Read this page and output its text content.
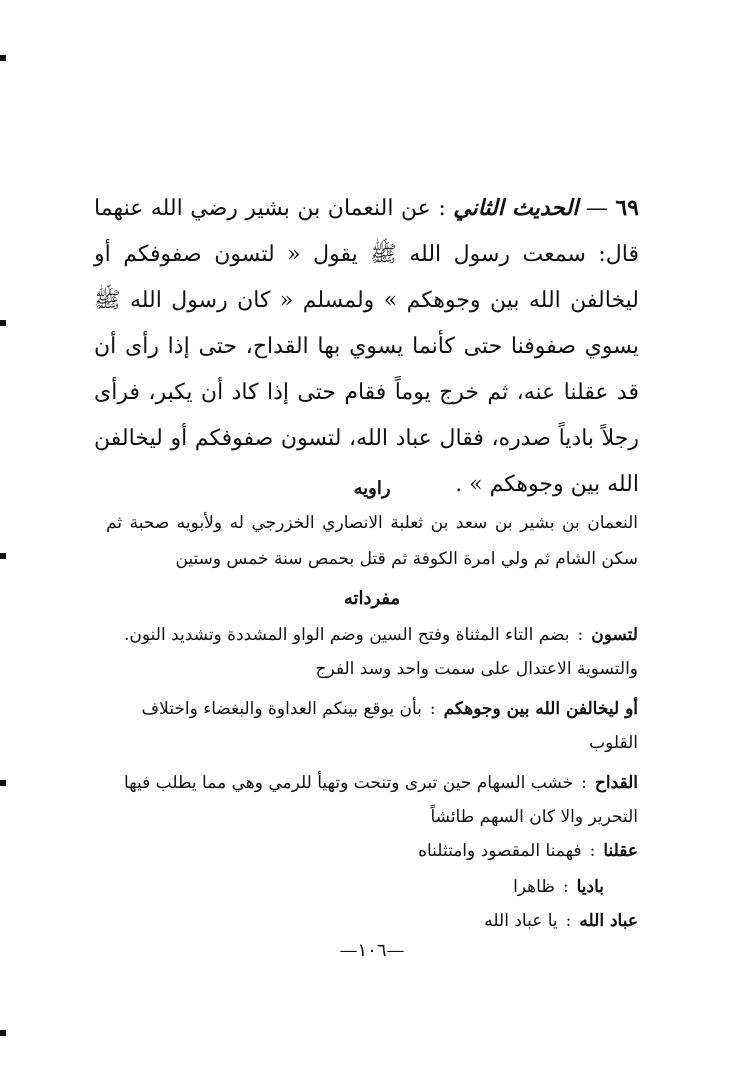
٦٩ — الحديث الثاني : عن النعمان بن بشير رضي الله عنهما قال: سمعت رسول الله ﷺ يقول « لتسون صفوفكم أو ليخالفن الله بين وجوهكم » ولمسلم « كان رسول الله ﷺ يسوي صفوفنا حتى كأنما يسوي بها القداح، حتى إذا رأى أن قد عقلنا عنه، ثم خرج يوماً فقام حتى إذا كاد أن يكبر، فرأى رجلاً بادياً صدره، فقال عباد الله، لتسون صفوفكم أو ليخالفن الله بين وجوهكم » .
راويه
النعمان بن بشير بن سعد بن ثعلبة الانصاري الخزرجي له ولأبويه صحبة ثم سكن الشام ثم ولي امرة الكوفة ثم قتل بحمص سنة خمس وستين
مفرداته
لتسون:بضم التاء المثناة وفتح السين وضم الواو المشددة وتشديد النون. والتسوية الاعتدال على سمت واحد وسد الفرج
أو ليخالفن الله بين وجوهكم:بأن يوقع بينكم العداوة والبغضاء واختلاف القلوب
القداح:خشب السهام حين تبرى وتنحت وتهيأ للرمي وهي مما يطلب فيها التحرير والا كان السهم طائشاً
عقلنا:فهمنا المقصود وامتثلناه
باديا:ظاهرا
عباد الله:يا عباد الله
—١٠٦—
